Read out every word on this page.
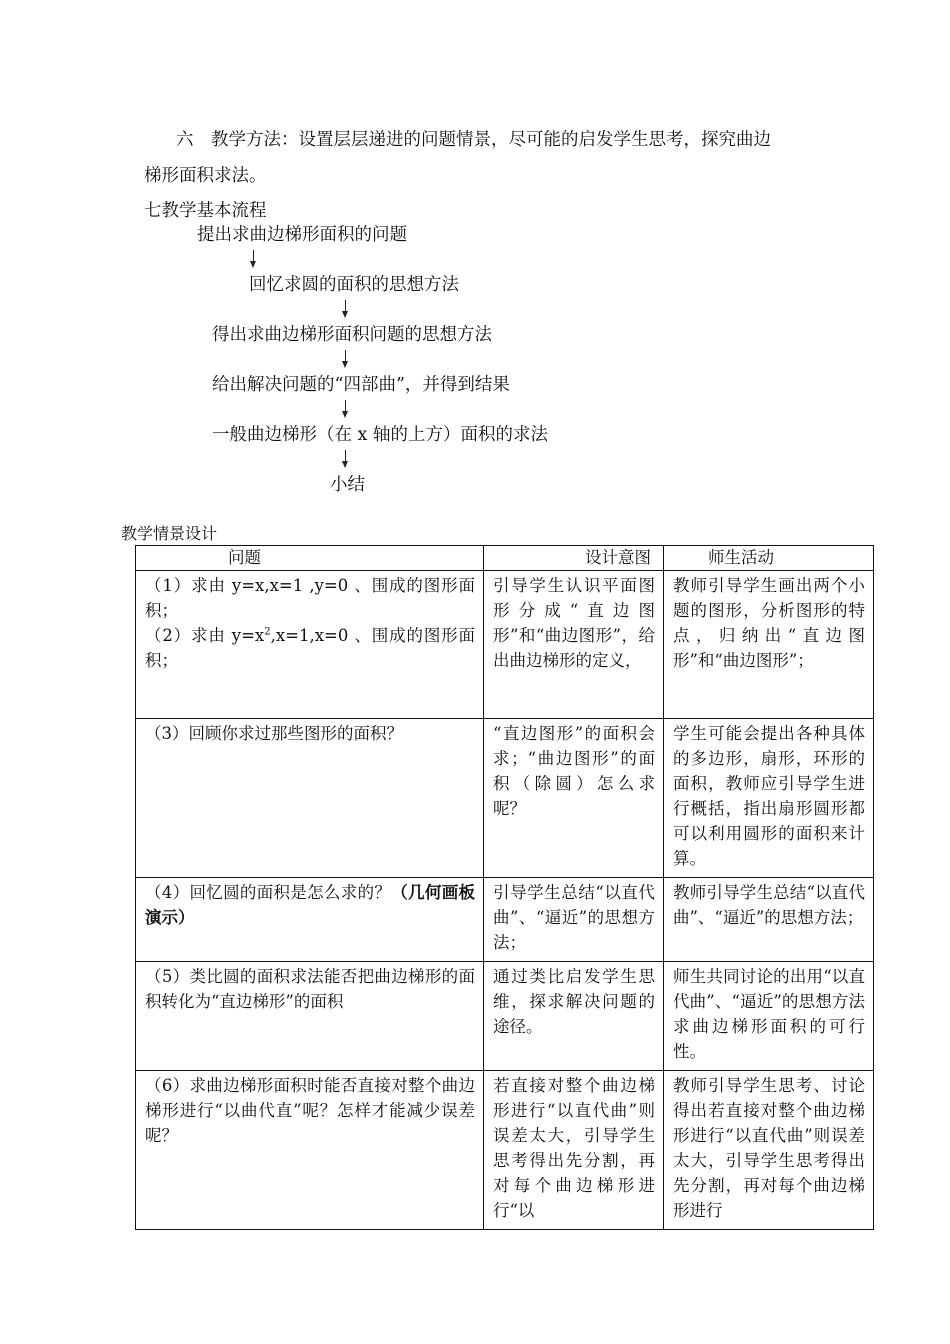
六　教学方法：设置层层递进的问题情景，尽可能的启发学生思考，探究曲边
梯形面积求法。
七教学基本流程
提出求曲边梯形面积的问题
回忆求圆的面积的思想方法
得出求曲边梯形面积问题的思想方法
给出解决问题的“四部曲”，并得到结果
一般曲边梯形（在 x 轴的上方）面积的求法
小结
教学情景设计
问题	设计意图	师生活动

（1）求由 y=x,x=1 ,y=0 、围成的图形面积；
（2）求由 $y=x^2,x=1,x=0$ 、围成的图形面积；	引导学生认识平面图形分成“直边图形”和“曲边图形”，给出曲边梯形的定义，	教师引导学生画出两个小题的图形，分析图形的特点，归纳出“直边图形”和“曲边图形”；
（3）回顾你求过那些图形的面积？	“直边图形”的面积会求；“曲边图形”的面积（除圆）怎么求呢？	学生可能会提出各种具体的多边形，扇形，环形的面积，教师应引导学生进行概括，指出扇形圆形都可以利用圆形的面积来计算。
（4）回忆圆的面积是怎么求的？（几何画板演示）	引导学生总结“以直代曲”、“逼近”的思想方法；	教师引导学生总结“以直代曲”、“逼近”的思想方法；
（5）类比圆的面积求法能否把曲边梯形的面积转化为“直边梯形”的面积	通过类比启发学生思维，探求解决问题的途径。	师生共同讨论的出用“以直代曲”、“逼近”的思想方法求曲边梯形面积的可行性。
（6）求曲边梯形面积时能否直接对整个曲边梯形进行“以曲代直”呢？怎样才能减少误差呢？	若直接对整个曲边梯形进行“以直代曲”则误差太大，引导学生思考得出先分割，再对每个曲边梯形进行“以	教师引导学生思考、讨论得出若直接对整个曲边梯形进行“以直代曲”则误差太大，引导学生思考得出先分割，再对每个曲边梯形进行
